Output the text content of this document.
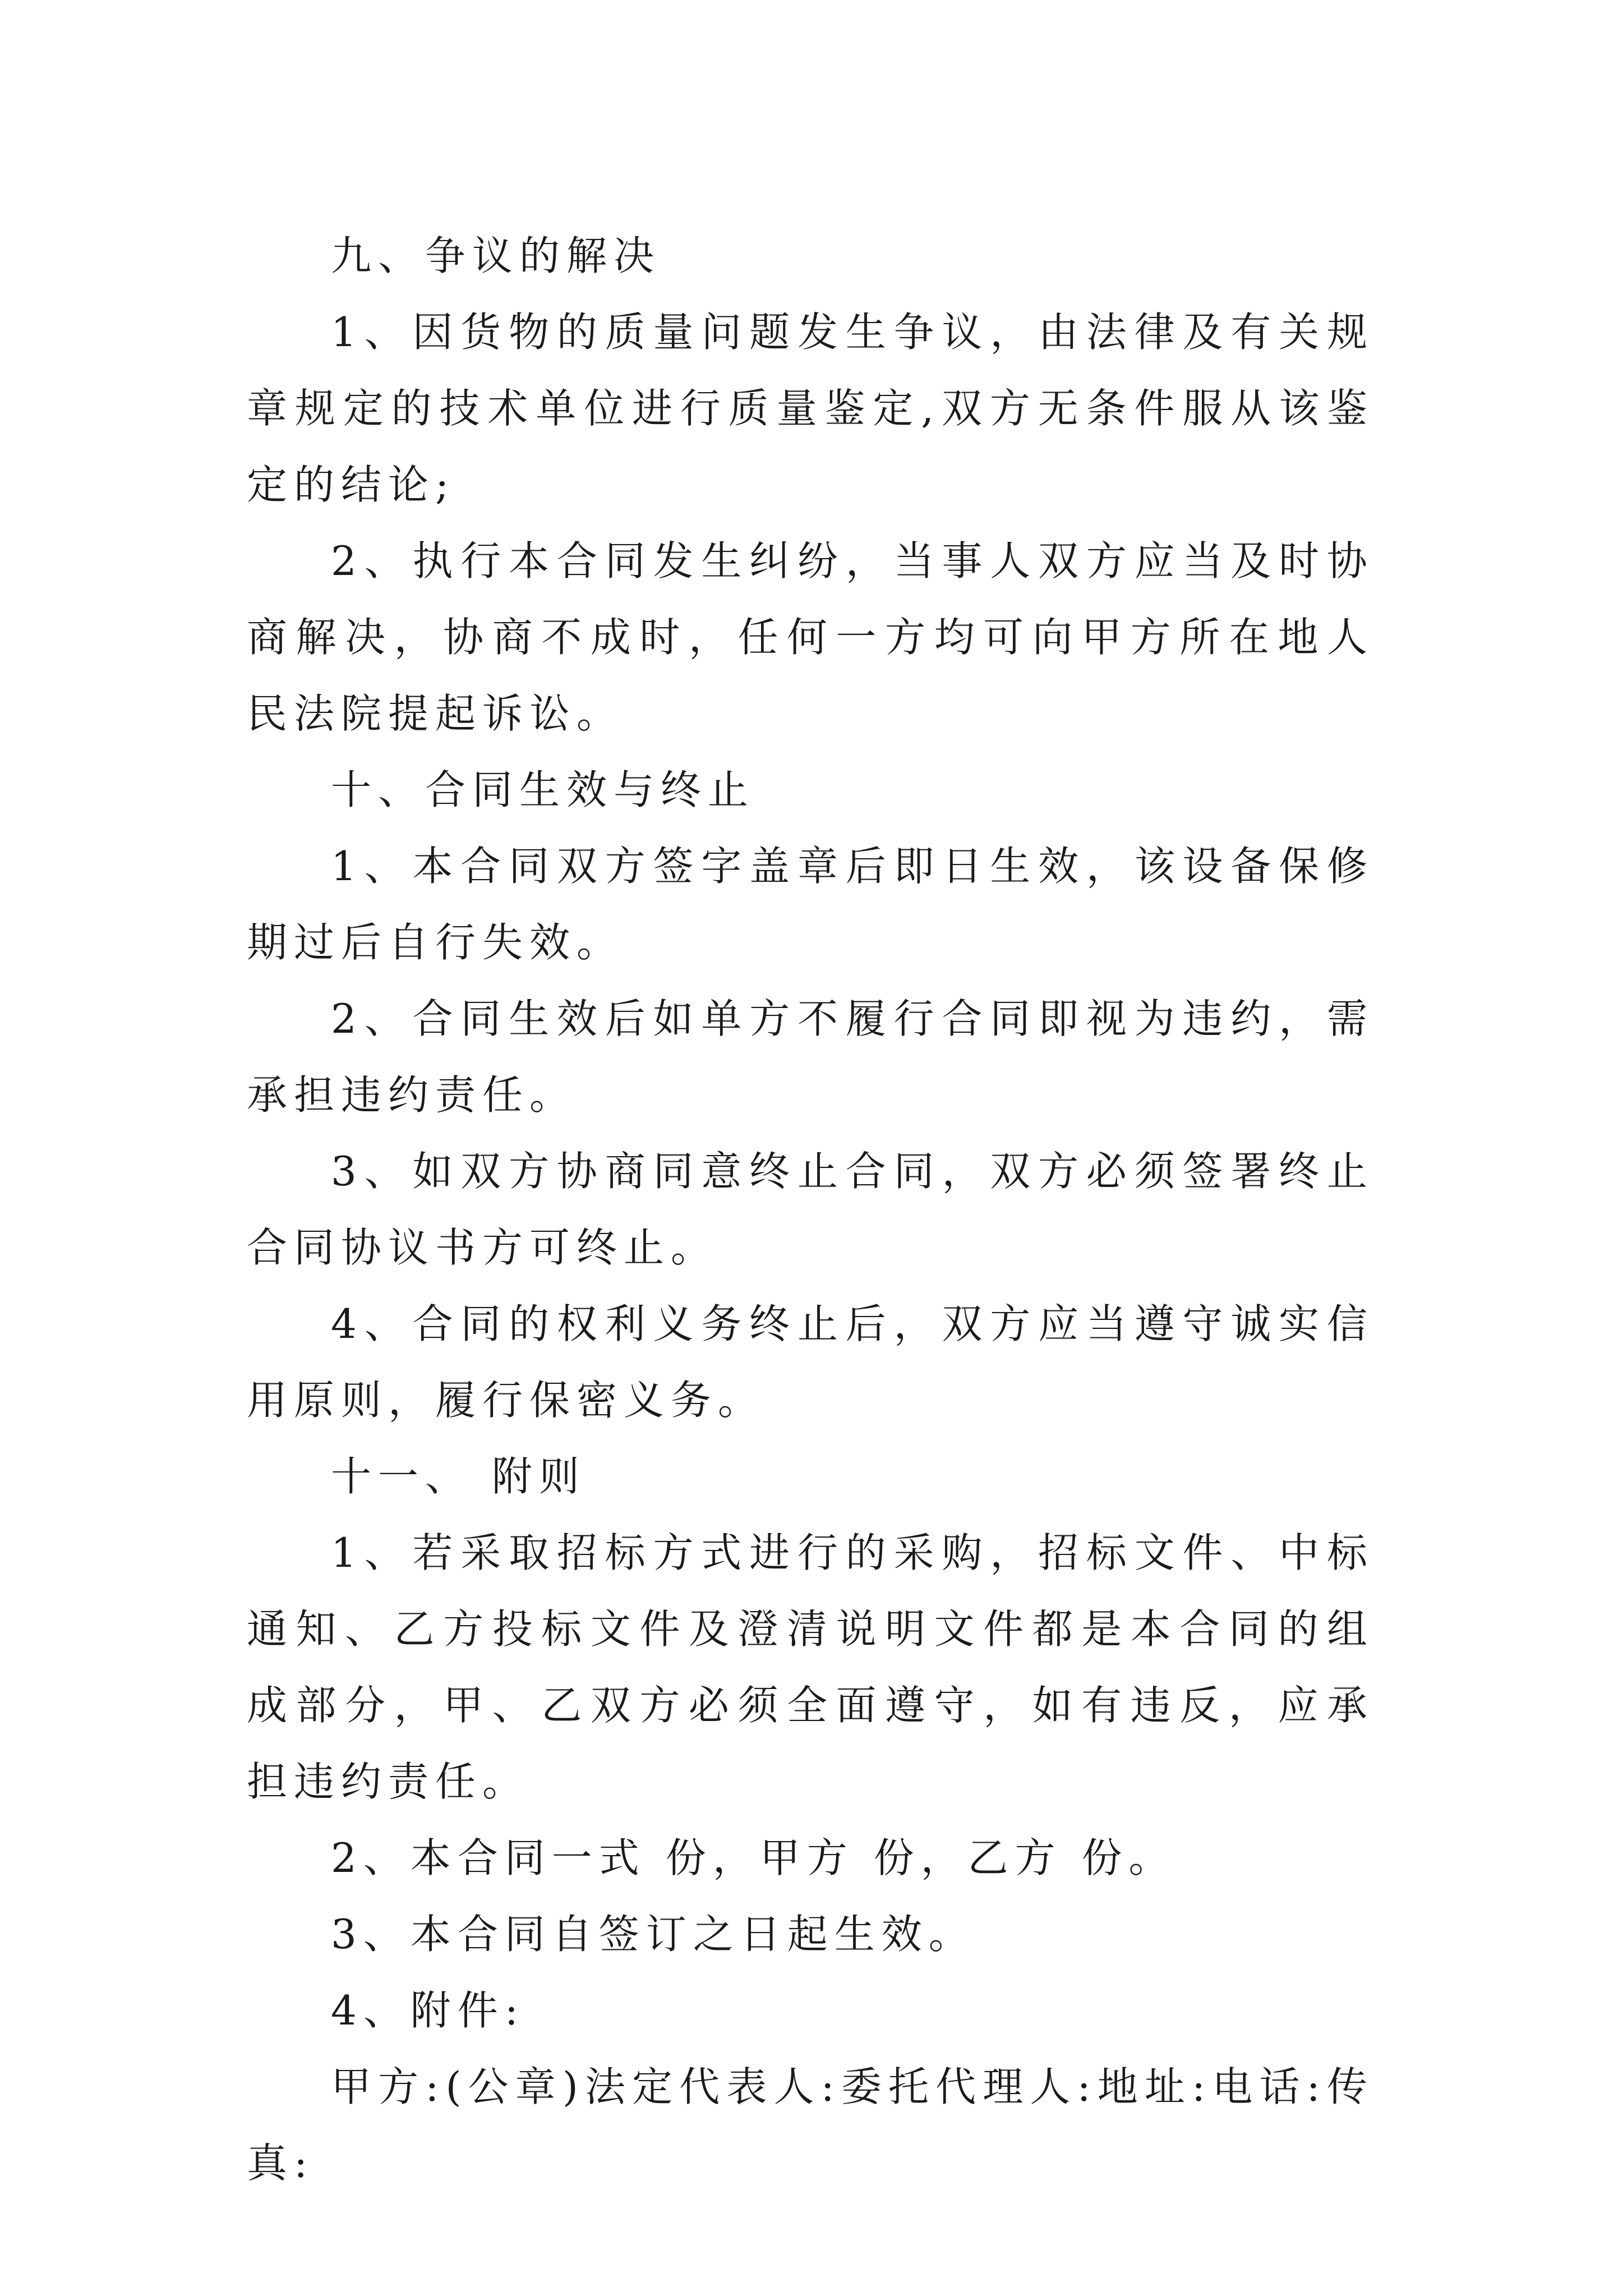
九、争议的解决

1、因货物的质量问题发生争议，由法律及有关规章规定的技术单位进行质量鉴定,双方无条件服从该鉴定的结论;

2、执行本合同发生纠纷，当事人双方应当及时协商解决，协商不成时，任何一方均可向甲方所在地人民法院提起诉讼。

十、合同生效与终止

1、本合同双方签字盖章后即日生效，该设备保修期过后自行失效。

2、合同生效后如单方不履行合同即视为违约，需承担违约责任。

3、如双方协商同意终止合同，双方必须签署终止合同协议书方可终止。

4、合同的权利义务终止后，双方应当遵守诚实信用原则，履行保密义务。

十一、 附则

1、若采取招标方式进行的采购，招标文件、中标通知、乙方投标文件及澄清说明文件都是本合同的组成部分，甲、乙双方必须全面遵守，如有违反，应承担违约责任。

2、本合同一式 份，甲方 份，乙方 份。

3、本合同自签订之日起生效。

4、附件:

甲方:(公章)法定代表人:委托代理人:地址:电话:传真:
